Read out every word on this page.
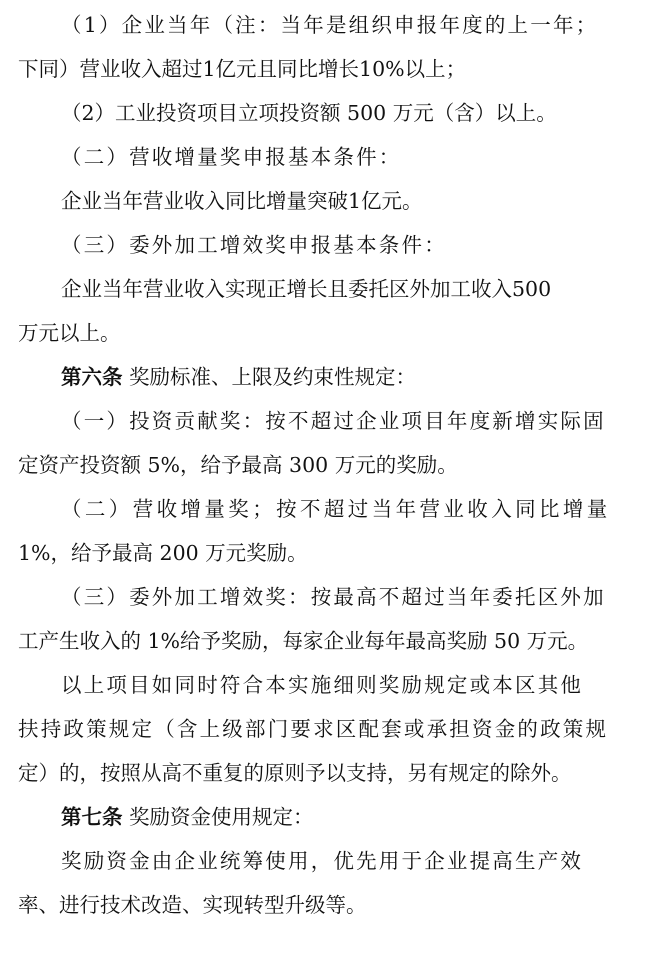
（1）企业当年（注：当年是组织申报年度的上一年；
下同）营业收入超过1亿元且同比增长10%以上；
（2）工业投资项目立项投资额 500 万元（含）以上。
（二）营收增量奖申报基本条件：
企业当年营业收入同比增量突破1亿元。
（三）委外加工增效奖申报基本条件：
企业当年营业收入实现正增长且委托区外加工收入500
万元以上。
第六条 奖励标准、上限及约束性规定：
（一）投资贡献奖：按不超过企业项目年度新增实际固
定资产投资额 5%，给予最高 300 万元的奖励。
（二）营收增量奖；按不超过当年营业收入同比增量
1%，给予最高 200 万元奖励。
（三）委外加工增效奖：按最高不超过当年委托区外加
工产生收入的 1%给予奖励，每家企业每年最高奖励 50 万元。
以上项目如同时符合本实施细则奖励规定或本区其他
扶持政策规定（含上级部门要求区配套或承担资金的政策规
定）的，按照从高不重复的原则予以支持，另有规定的除外。
第七条 奖励资金使用规定：
奖励资金由企业统筹使用，优先用于企业提高生产效
率、进行技术改造、实现转型升级等。
